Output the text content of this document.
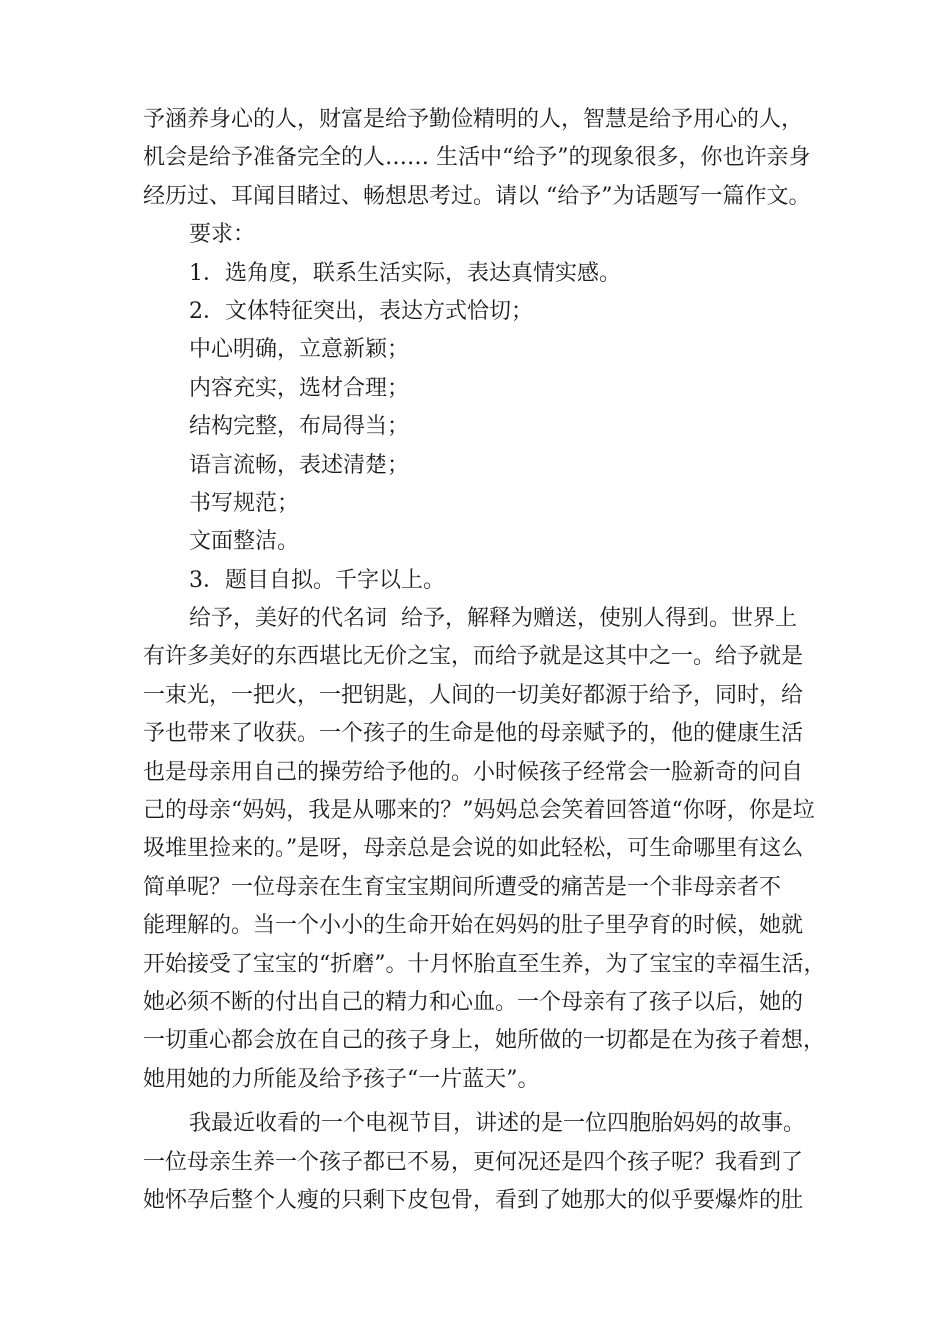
予涵养身心的人，财富是给予勤俭精明的人，智慧是给予用心的人，
机会是给予准备完全的人…… 生活中“给予”的现象很多，你也许亲身
经历过、耳闻目睹过、畅想思考过。请以 “给予”为话题写一篇作文。
要求：
1．选角度，联系生活实际，表达真情实感。
2．文体特征突出，表达方式恰切；
中心明确，立意新颖；
内容充实，选材合理；
结构完整，布局得当；
语言流畅，表述清楚；
书写规范；
文面整洁。
3．题目自拟。千字以上。
给予，美好的代名词  给予，解释为赠送，使别人得到。世界上
有许多美好的东西堪比无价之宝，而给予就是这其中之一。给予就是
一束光，一把火，一把钥匙，人间的一切美好都源于给予，同时，给
予也带来了收获。一个孩子的生命是他的母亲赋予的，他的健康生活
也是母亲用自己的操劳给予他的。小时候孩子经常会一脸新奇的问自
己的母亲“妈妈，我是从哪来的？”妈妈总会笑着回答道“你呀，你是垃
圾堆里捡来的。”是呀，母亲总是会说的如此轻松，可生命哪里有这么
简单呢？一位母亲在生育宝宝期间所遭受的痛苦是一个非母亲者不
能理解的。当一个小小的生命开始在妈妈的肚子里孕育的时候，她就
开始接受了宝宝的“折磨”。十月怀胎直至生养，为了宝宝的幸福生活，
她必须不断的付出自己的精力和心血。一个母亲有了孩子以后，她的
一切重心都会放在自己的孩子身上，她所做的一切都是在为孩子着想，
她用她的力所能及给予孩子“一片蓝天”。
我最近收看的一个电视节目，讲述的是一位四胞胎妈妈的故事。
一位母亲生养一个孩子都已不易，更何况还是四个孩子呢？我看到了
她怀孕后整个人瘦的只剩下皮包骨，看到了她那大的似乎要爆炸的肚
